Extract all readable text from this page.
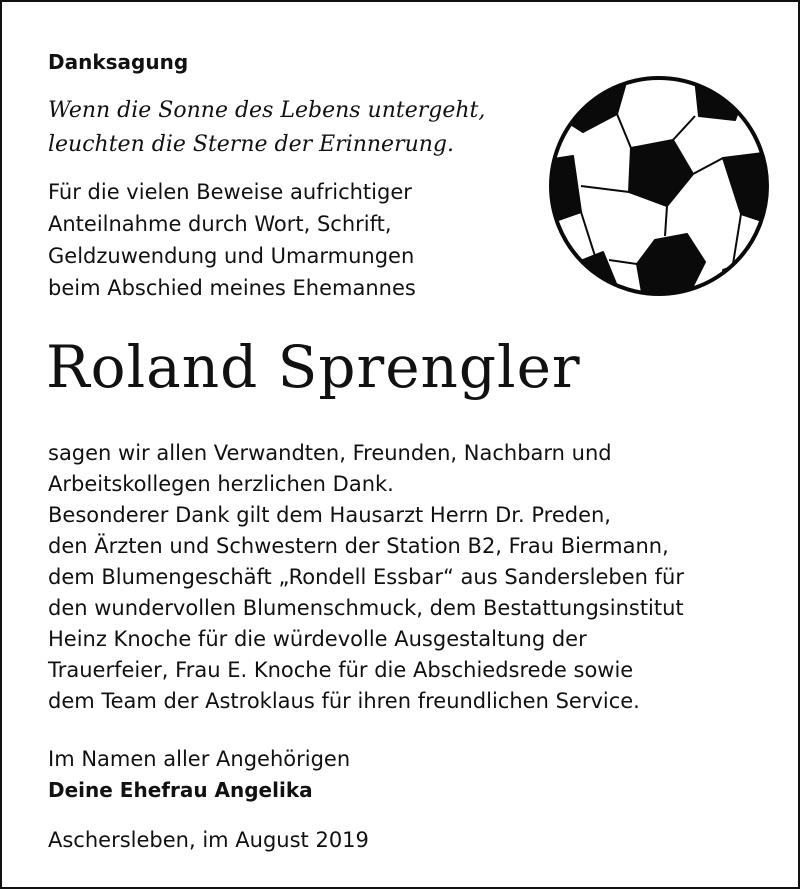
Danksagung
Wenn die Sonne des Lebens untergeht,
leuchten die Sterne der Erinnerung.
Für die vielen Beweise aufrichtiger
Anteilnahme durch Wort, Schrift,
Geldzuwendung und Umarmungen
beim Abschied meines Ehemannes
Roland Sprengler
sagen wir allen Verwandten, Freunden, Nachbarn und
Arbeitskollegen herzlichen Dank.
Besonderer Dank gilt dem Hausarzt Herrn Dr. Preden,
den Ärzten und Schwestern der Station B2, Frau Biermann,
dem Blumengeschäft „Rondell Essbar“ aus Sandersleben für
den wundervollen Blumenschmuck, dem Bestattungsinstitut
Heinz Knoche für die würdevolle Ausgestaltung der
Trauerfeier, Frau E. Knoche für die Abschiedsrede sowie
dem Team der Astroklaus für ihren freundlichen Service.
Im Namen aller Angehörigen
Deine Ehefrau Angelika
Aschersleben, im August 2019
